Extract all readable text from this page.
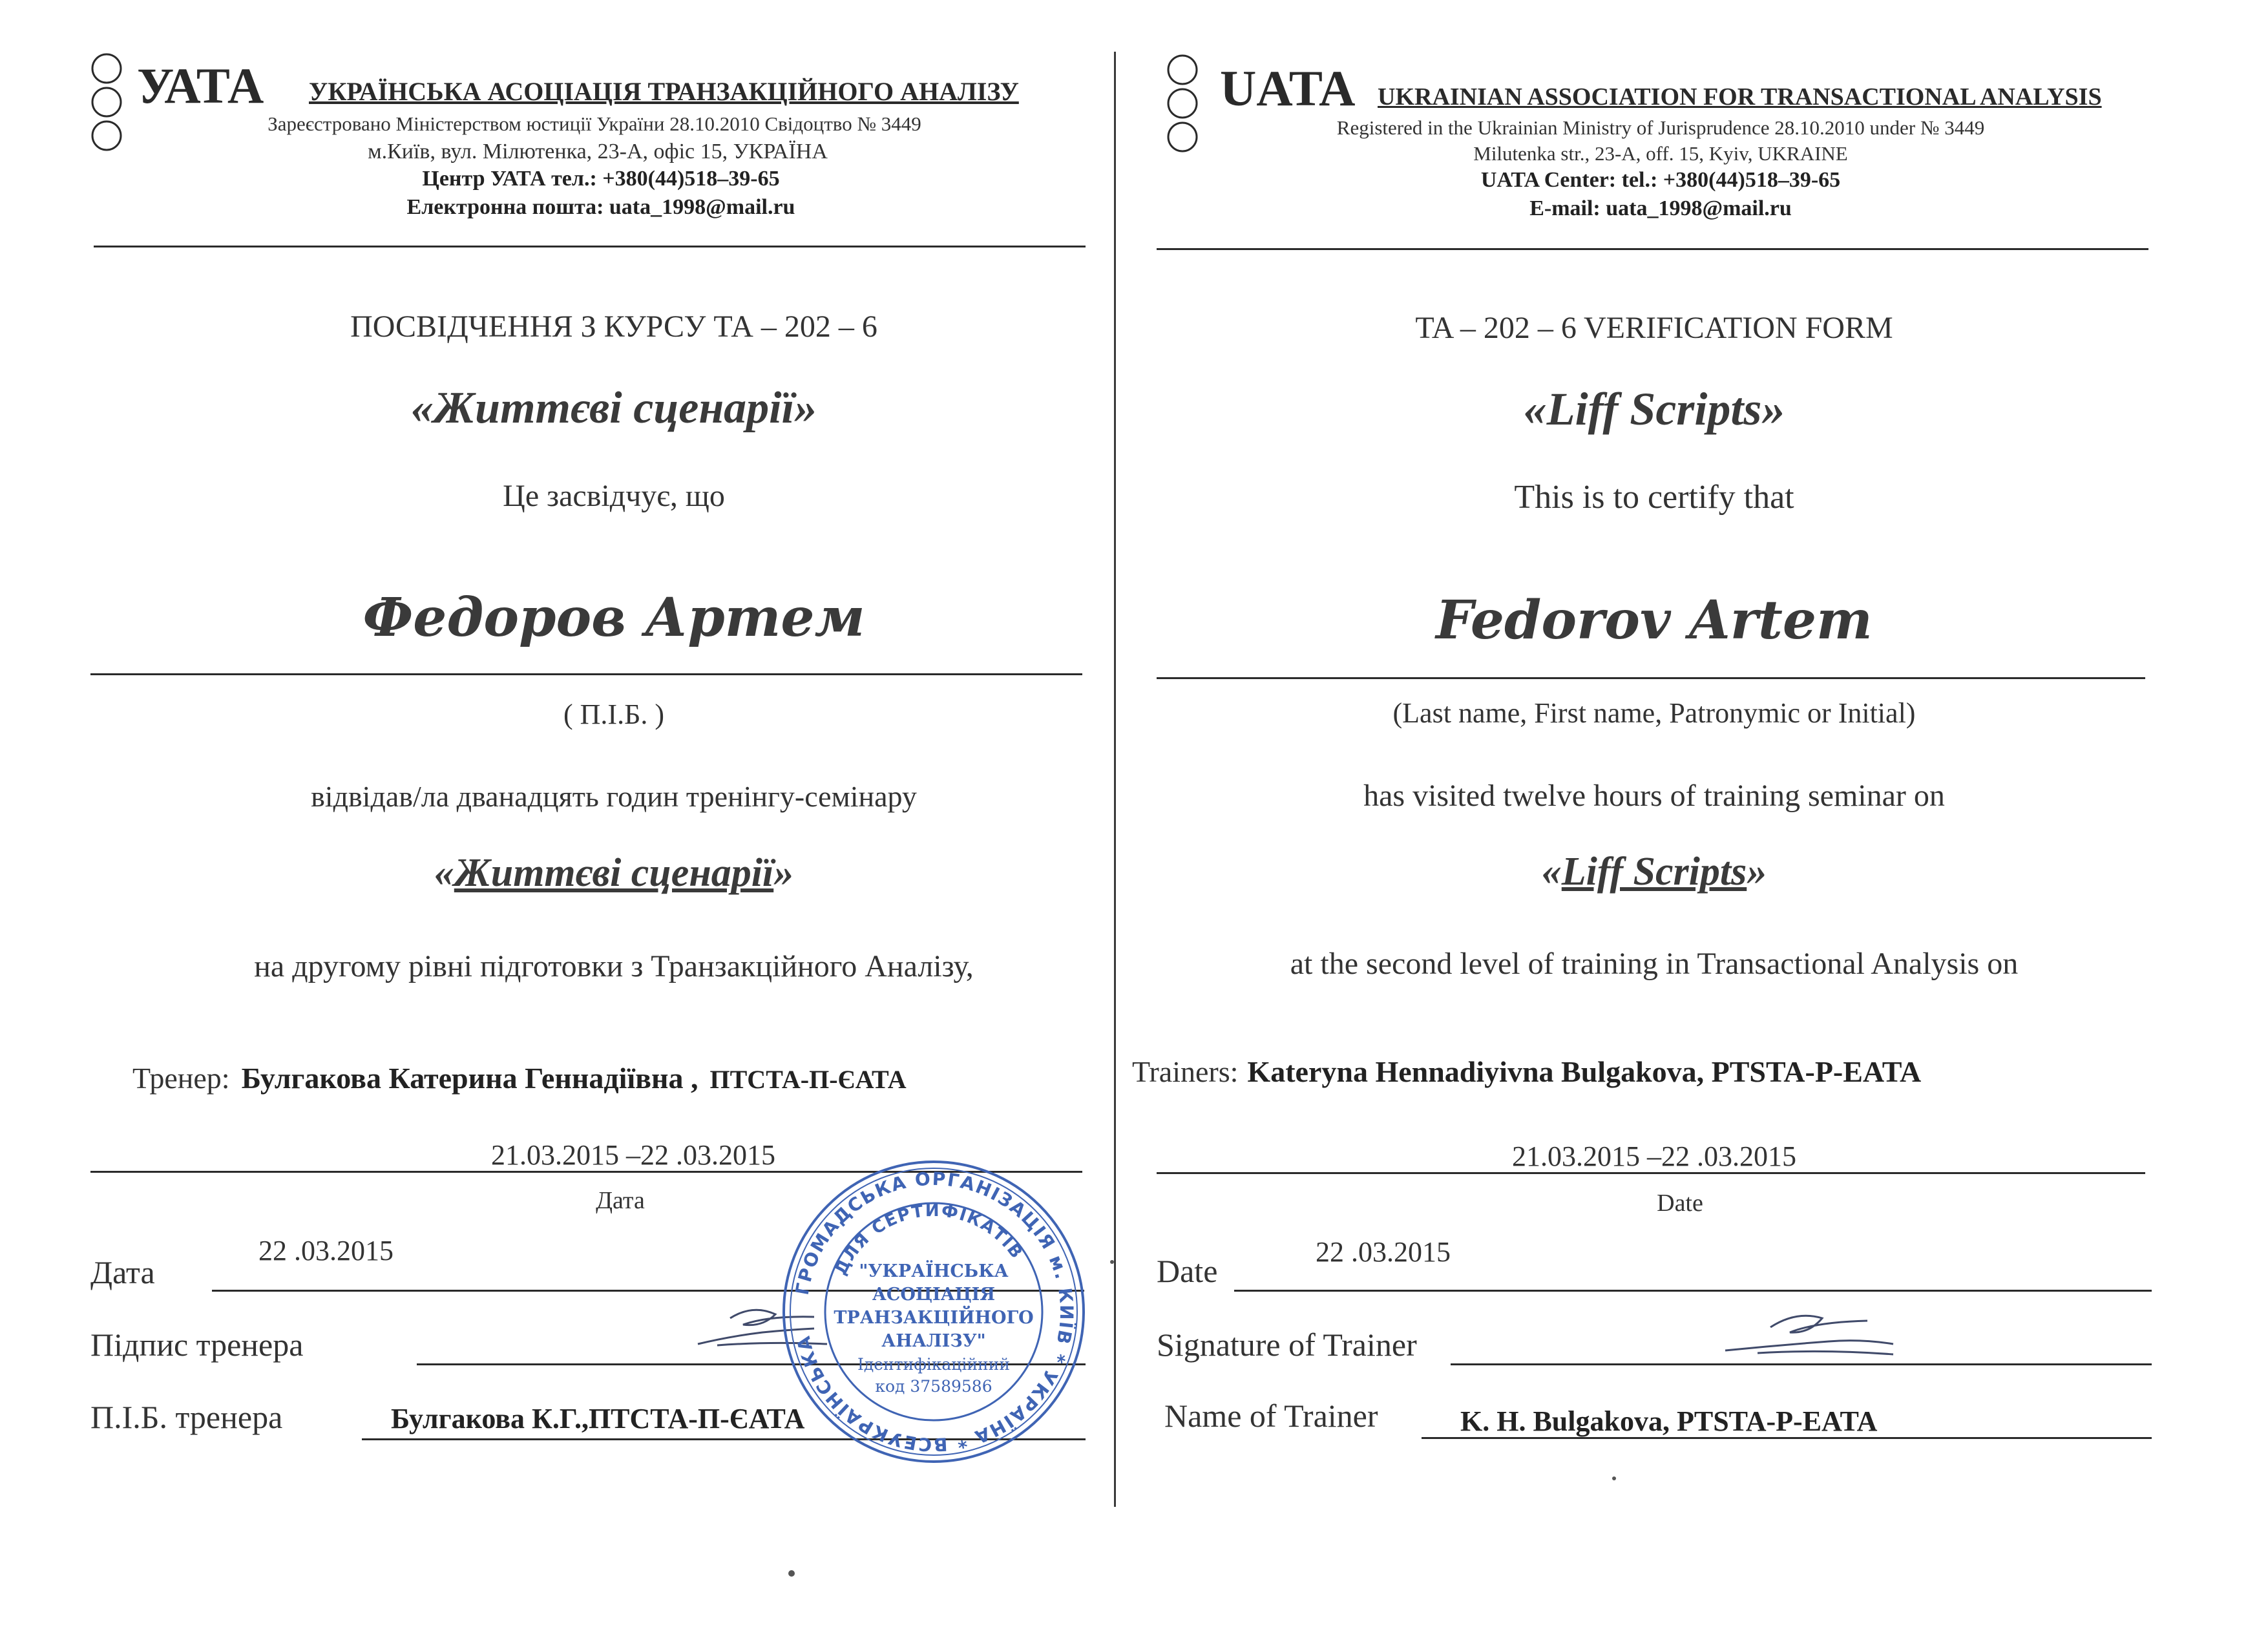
УАТА УКРАЇНСЬКА АСОЦІАЦІЯ ТРАНЗАКЦІЙНОГО АНАЛІЗУ
Зареєстровано Міністерством юстиції України 28.10.2010 Свідоцтво № 3449
м.Київ, вул. Мілютенка, 23-А, офіс 15, УКРАЇНА
Центр УАТА тел.: +380(44)518–39-65
Електронна пошта: uata_1998@mail.ru
ПОСВІДЧЕННЯ З КУРСУ ТА – 202 – 6
«Життєві сценарії»
Це засвідчує, що
Федоров Артем
( П.І.Б. )
відвідав/ла дванадцять годин тренінгу-семінару
«Життєві сценарії»
на другому рівні підготовки з Транзакційного Аналізу,
Тренер: Булгакова Катерина Геннадіївна , ПТСТА-П-ЄАТА
21.03.2015 –22 .03.2015
Дата
Дата
22 .03.2015
Підпис тренера
П.І.Б. тренера	Булгакова К.Г.,ПТСТА-П-ЄАТА
UATA UKRAINIAN ASSOCIATION FOR TRANSACTIONAL ANALYSIS
Registered in the Ukrainian Ministry of Jurisprudence 28.10.2010 under № 3449
Milutenka str., 23-A, off. 15, Kyiv, UKRAINE
UATA Center: tel.: +380(44)518–39-65
E-mail: uata_1998@mail.ru
TA – 202 – 6 VERIFICATION FORM
«Liff Scripts»
This is to certify that
Fedorov Artem
(Last name, First name, Patronymic or Initial)
has visited twelve hours of training seminar on
«Liff Scripts»
at the second level of training in Transactional Analysis on
Trainers: Kateryna Hennadiyivna Bulgakova, PTSTA-P-EATA
21.03.2015 –22 .03.2015
Date
Date
22 .03.2015
Signature of Trainer
Name of Trainer	K. H. Bulgakova, PTSTA-P-EATA
ГРОМАДСЬКА ОРГАНІЗАЦІЯ м. КИЇВ * УКРАЇНА * ВСЕУКРАЇНСЬКА
ДЛЯ СЕРТИФІКАТІВ
"УКРАЇНСЬКА
АСОЦІАЦІЯ
ТРАНЗАКЦІЙНОГО
АНАЛІЗУ"
Ідентифікаційний
код 37589586
